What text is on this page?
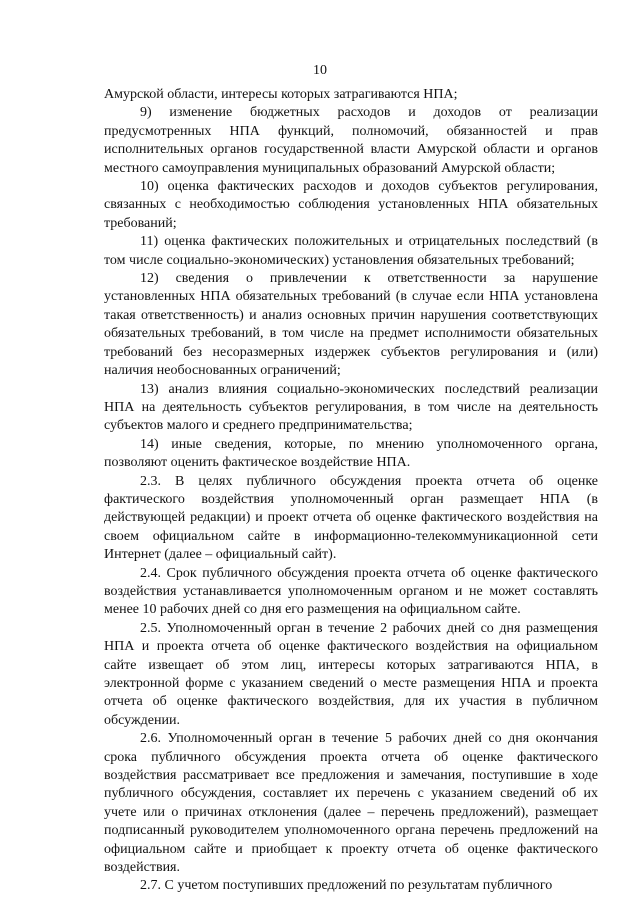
10

Амурской области, интересы которых затрагиваются НПА;

9) изменение бюджетных расходов и доходов от реализации предусмотренных НПА функций, полномочий, обязанностей и прав исполнительных органов государственной власти Амурской области и органов местного самоуправления муниципальных образований Амурской области;

10) оценка фактических расходов и доходов субъектов регулирования, связанных с необходимостью соблюдения установленных НПА обязательных требований;

11) оценка фактических положительных и отрицательных последствий (в том числе социально-экономических) установления обязательных требований;

12) сведения о привлечении к ответственности за нарушение установленных НПА обязательных требований (в случае если НПА установлена такая ответственность) и анализ основных причин нарушения соответствующих обязательных требований, в том числе на предмет исполнимости обязательных требований без несоразмерных издержек субъектов регулирования и (или) наличия необоснованных ограничений;

13) анализ влияния социально-экономических последствий реализации НПА на деятельность субъектов регулирования, в том числе на деятельность субъектов малого и среднего предпринимательства;

14) иные сведения, которые, по мнению уполномоченного органа, позволяют оценить фактическое воздействие НПА.

2.3. В целях публичного обсуждения проекта отчета об оценке фактического воздействия уполномоченный орган размещает НПА (в действующей редакции) и проект отчета об оценке фактического воздействия на своем официальном сайте в информационно-телекоммуникационной сети Интернет (далее – официальный сайт).

2.4. Срок публичного обсуждения проекта отчета об оценке фактического воздействия устанавливается уполномоченным органом и не может составлять менее 10 рабочих дней со дня его размещения на официальном сайте.

2.5. Уполномоченный орган в течение 2 рабочих дней со дня размещения НПА и проекта отчета об оценке фактического воздействия на официальном сайте извещает об этом лиц, интересы которых затрагиваются НПА, в электронной форме с указанием сведений о месте размещения НПА и проекта отчета об оценке фактического воздействия, для их участия в публичном обсуждении.

2.6. Уполномоченный орган в течение 5 рабочих дней со дня окончания срока публичного обсуждения проекта отчета об оценке фактического воздействия рассматривает все предложения и замечания, поступившие в ходе публичного обсуждения, составляет их перечень с указанием сведений об их учете или о причинах отклонения (далее – перечень предложений), размещает подписанный руководителем уполномоченного органа перечень предложений на официальном сайте и приобщает к проекту отчета об оценке фактического воздействия.

2.7. С учетом поступивших предложений по результатам публичного
